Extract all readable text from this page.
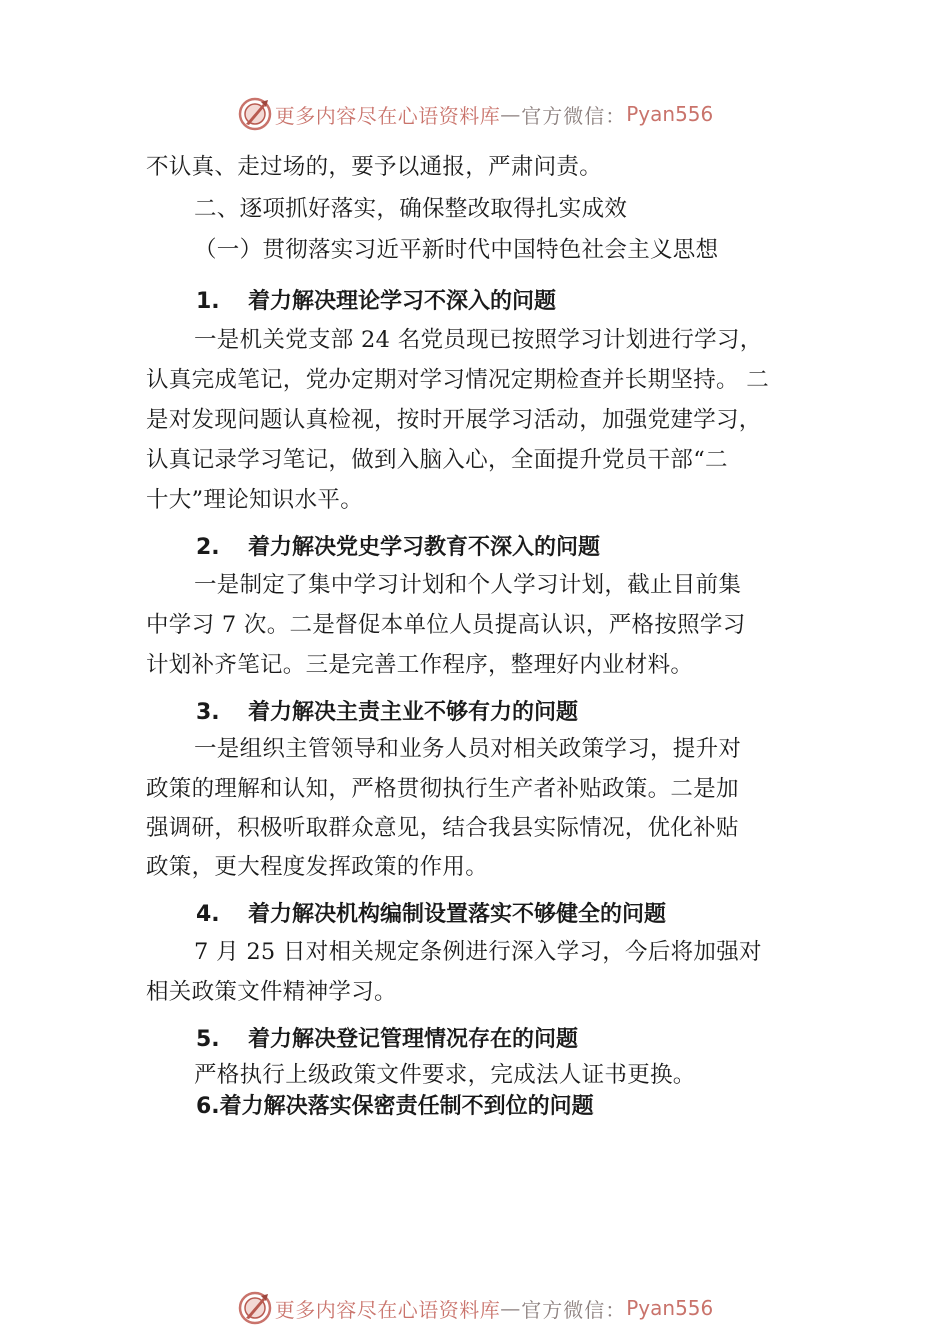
更多内容尽在心语资料库 — 官方微信： Pyan556
不认真、走过场的，要予以通报，严肃问责。
二、逐项抓好落实，确保整改取得扎实成效
（一）贯彻落实习近平新时代中国特色社会主义思想
1. 着力解决理论学习不深入的问题
一是机关党支部 24 名党员现已按照学习计划进行学习，
认真完成笔记，党办定期对学习情况定期检查并长期坚持。 二
是对发现问题认真检视，按时开展学习活动，加强党建学习，
认真记录学习笔记，做到入脑入心，全面提升党员干部“二
十大”理论知识水平。
2. 着力解决党史学习教育不深入的问题
一是制定了集中学习计划和个人学习计划，截止目前集
中学习 7 次。二是督促本单位人员提高认识，严格按照学习
计划补齐笔记。三是完善工作程序，整理好内业材料。
3. 着力解决主责主业不够有力的问题
一是组织主管领导和业务人员对相关政策学习，提升对
政策的理解和认知，严格贯彻执行生产者补贴政策。二是加
强调研，积极听取群众意见，结合我县实际情况，优化补贴
政策，更大程度发挥政策的作用。
4. 着力解决机构编制设置落实不够健全的问题
7 月 25 日对相关规定条例进行深入学习，今后将加强对
相关政策文件精神学习。
5. 着力解决登记管理情况存在的问题
严格执行上级政策文件要求，完成法人证书更换。
6.着力解决落实保密责任制不到位的问题
更多内容尽在心语资料库 — 官方微信： Pyan556
